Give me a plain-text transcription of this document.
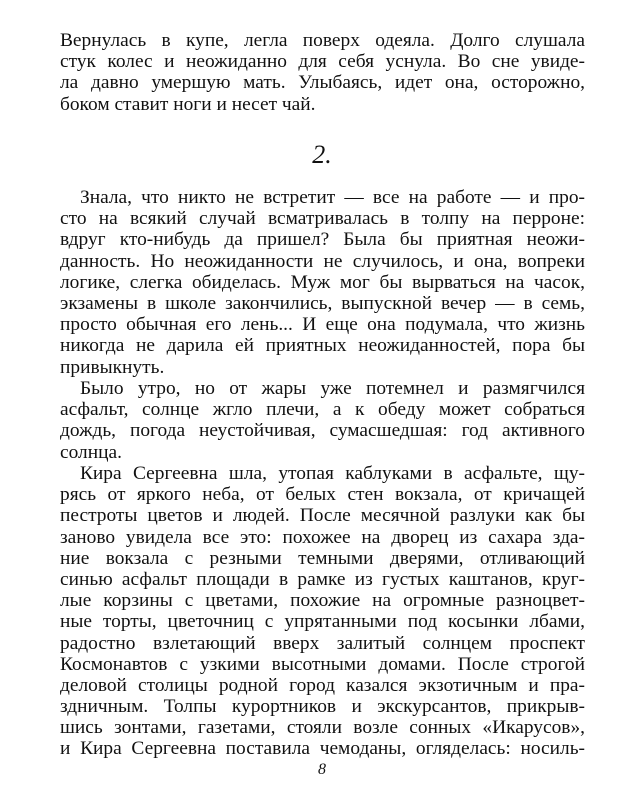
Вернулась в купе, легла поверх одеяла. Долго слушала
стук колес и неожиданно для себя уснула. Во сне увиде-
ла давно умершую мать. Улыбаясь, идет она, осторожно,
боком ставит ноги и несет чай.
2.
Знала, что никто не встретит — все на работе — и про-
сто на всякий случай всматривалась в толпу на перроне:
вдруг кто-нибудь да пришел? Была бы приятная неожи-
данность. Но неожиданности не случилось, и она, вопреки
логике, слегка обиделась. Муж мог бы вырваться на часок,
экзамены в школе закончились, выпускной вечер — в семь,
просто обычная его лень... И еще она подумала, что жизнь
никогда не дарила ей приятных неожиданностей, пора бы
привыкнуть.
Было утро, но от жары уже потемнел и размягчился
асфальт, солнце жгло плечи, а к обеду может собраться
дождь, погода неустойчивая, сумасшедшая: год активного
солнца.
Кира Сергеевна шла, утопая каблуками в асфальте, щу-
рясь от яркого неба, от белых стен вокзала, от кричащей
пестроты цветов и людей. После месячной разлуки как бы
заново увидела все это: похожее на дворец из сахара зда-
ние вокзала с резными темными дверями, отливающий
синью асфальт площади в рамке из густых каштанов, круг-
лые корзины с цветами, похожие на огромные разноцвет-
ные торты, цветочниц с упрятанными под косынки лбами,
радостно взлетающий вверх залитый солнцем проспект
Космонавтов с узкими высотными домами. После строгой
деловой столицы родной город казался экзотичным и пра-
здничным. Толпы курортников и экскурсантов, прикрыв-
шись зонтами, газетами, стояли возле сонных «Икарусов»,
и Кира Сергеевна поставила чемоданы, огляделась: носиль-
8
